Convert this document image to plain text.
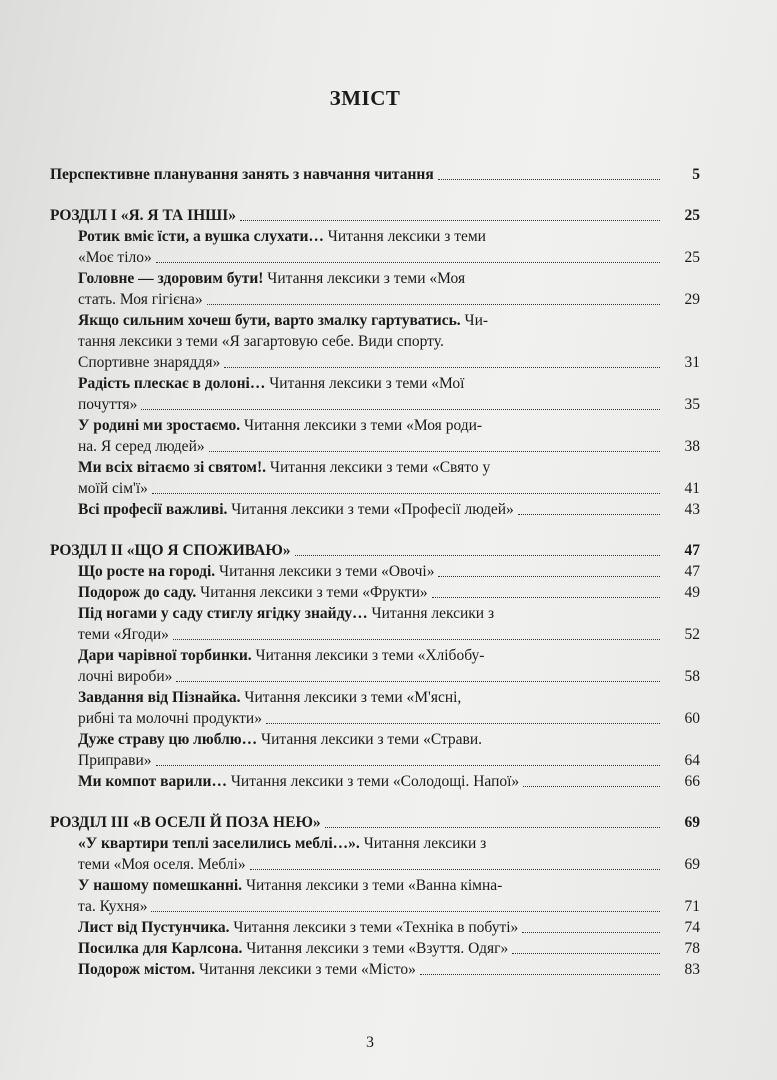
ЗМІСТ
Перспективне планування занять з навчання читання	5
РОЗДІЛ І «Я. Я ТА ІНШІ»	25
Ротик вміє їсти, а вушка слухати… Читання лексики з теми
«Моє тіло»	25
Головне — здоровим бути! Читання лексики з теми «Моя
стать. Моя гігієна»	29
Якщо сильним хочеш бути, варто змалку гартуватись. Чи-
тання лексики з теми «Я загартовую себе. Види спорту.
Спортивне знаряддя»	31
Радість плескає в долоні… Читання лексики з теми «Мої
почуття»	35
У родині ми зростаємо. Читання лексики з теми «Моя роди-
на. Я серед людей»	38
Ми всіх вітаємо зі святом!. Читання лексики з теми «Свято у
моїй сім'ї»	41
Всі професії важливі. Читання лексики з теми «Професії людей»	43
РОЗДІЛ ІІ «ЩО Я СПОЖИВАЮ»	47
Що росте на городі. Читання лексики з теми «Овочі»	47
Подорож до саду. Читання лексики з теми «Фрукти»	49
Під ногами у саду стиглу ягідку знайду… Читання лексики з
теми «Ягоди»	52
Дари чарівної торбинки. Читання лексики з теми «Хлібобу-
лочні вироби»	58
Завдання від Пізнайка. Читання лексики з теми «М'ясні,
рибні та молочні продукти»	60
Дуже страву цю люблю… Читання лексики з теми «Страви.
Приправи»	64
Ми компот варили… Читання лексики з теми «Солодощі. Напої»	66
РОЗДІЛ ІІІ «В ОСЕЛІ Й ПОЗА НЕЮ»	69
«У квартири теплі заселились меблі…». Читання лексики з
теми «Моя оселя. Меблі»	69
У нашому помешканні. Читання лексики з теми «Ванна кімна-
та. Кухня»	71
Лист від Пустунчика. Читання лексики з теми «Техніка в побуті»	74
Посилка для Карлсона. Читання лексики з теми «Взуття. Одяг»	78
Подорож містом. Читання лексики з теми «Місто»	83
3
